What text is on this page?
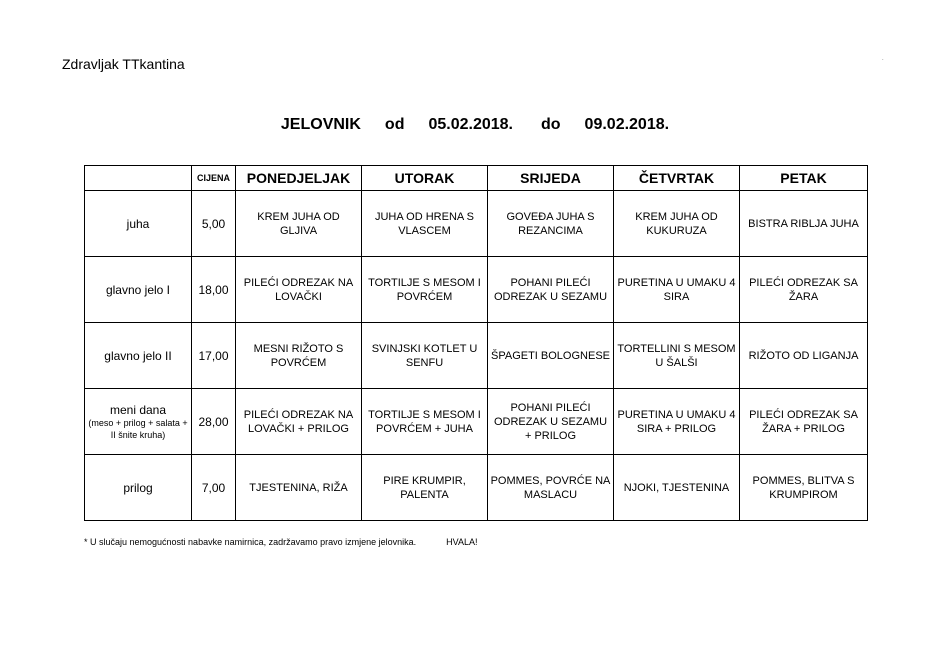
Zdravljak TTkantina	.
JELOVNIK od 05.02.2018. do 09.02.2018.
	CIJENA	PONEDJELJAK	UTORAK	SRIJEDA	ČETVRTAK	PETAK
juha	5,00	KREM JUHA OD GLJIVA	JUHA OD HRENA S VLASCEM	GOVEĐA JUHA S REZANCIMA	KREM JUHA OD KUKURUZA	BISTRA RIBLJA JUHA
glavno jelo I	18,00	PILEĆI ODREZAK NA LOVAČKI	TORTILJE S MESOM I POVRĆEM	POHANI PILEĆI ODREZAK U SEZAMU	PURETINA U UMAKU 4 SIRA	PILEĆI ODREZAK SA ŽARA
glavno jelo II	17,00	MESNI RIŽOTO S POVRĆEM	SVINJSKI KOTLET U SENFU	ŠPAGETI BOLOGNESE	TORTELLINI S MESOM U ŠALŠI	RIŽOTO OD LIGANJA
meni dana
(meso + prilog + salata + II šnite kruha)	28,00	PILEĆI ODREZAK NA LOVAČKI + PRILOG	TORTILJE S MESOM I POVRĆEM + JUHA	POHANI PILEĆI ODREZAK U SEZAMU + PRILOG	PURETINA U UMAKU 4 SIRA + PRILOG	PILEĆI ODREZAK SA ŽARA + PRILOG
prilog	7,00	TJESTENINA, RIŽA	PIRE KRUMPIR, PALENTA	POMMES, POVRĆE NA MASLACU	NJOKI, TJESTENINA	POMMES, BLITVA S KRUMPIROM
* U slučaju nemogućnosti nabavke namirnica, zadržavamo pravo izmjene jelovnika.	HVALA!
